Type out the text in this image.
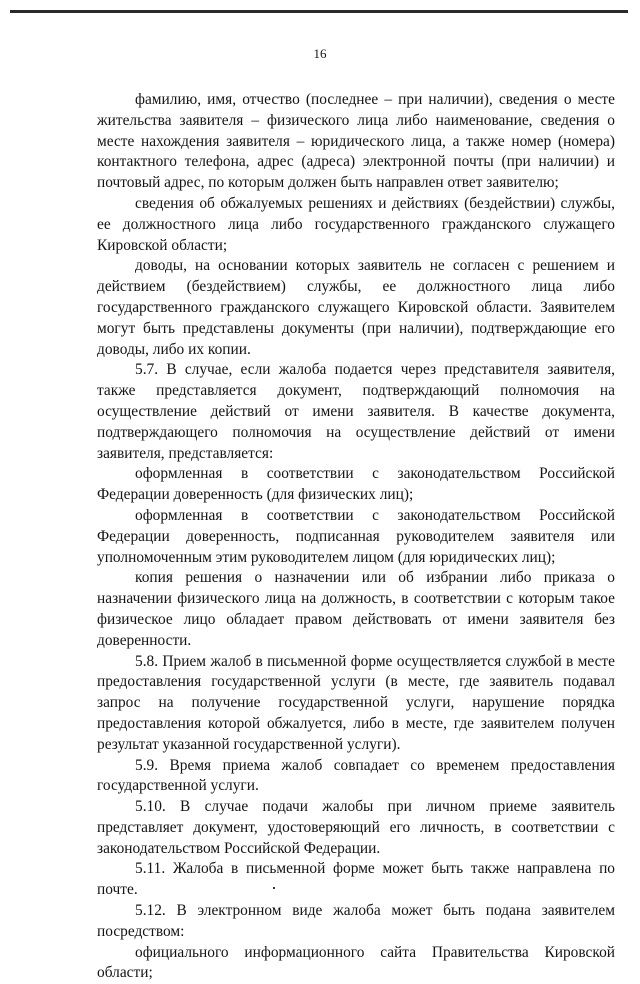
16

фамилию, имя, отчество (последнее – при наличии), сведения о месте жительства заявителя – физического лица либо наименование, сведения о месте нахождения заявителя – юридического лица, а также номер (номера) контактного телефона, адрес (адреса) электронной почты (при наличии) и почтовый адрес, по которым должен быть направлен ответ заявителю;

сведения об обжалуемых решениях и действиях (бездействии) службы, ее должностного лица либо государственного гражданского служащего Кировской области;

доводы, на основании которых заявитель не согласен с решением и действием (бездействием) службы, ее должностного лица либо государственного гражданского служащего Кировской области. Заявителем могут быть представлены документы (при наличии), подтверждающие его доводы, либо их копии.

5.7. В случае, если жалоба подается через представителя заявителя, также представляется документ, подтверждающий полномочия на осуществление действий от имени заявителя. В качестве документа, подтверждающего полномочия на осуществление действий от имени заявителя, представляется:

оформленная в соответствии с законодательством Российской Федерации доверенность (для физических лиц);

оформленная в соответствии с законодательством Российской Федерации доверенность, подписанная руководителем заявителя или уполномоченным этим руководителем лицом (для юридических лиц);

копия решения о назначении или об избрании либо приказа о назначении физического лица на должность, в соответствии с которым такое физическое лицо обладает правом действовать от имени заявителя без доверенности.

5.8. Прием жалоб в письменной форме осуществляется службой в месте предоставления государственной услуги (в месте, где заявитель подавал запрос на получение государственной услуги, нарушение порядка предоставления которой обжалуется, либо в месте, где заявителем получен результат указанной государственной услуги).

5.9. Время приема жалоб совпадает со временем предоставления государственной услуги.

5.10. В случае подачи жалобы при личном приеме заявитель представляет документ, удостоверяющий его личность, в соответствии с законодательством Российской Федерации.

5.11. Жалоба в письменной форме может быть также направлена по почте.

5.12. В электронном виде жалоба может быть подана заявителем посредством:

официального информационного сайта Правительства Кировской области;
